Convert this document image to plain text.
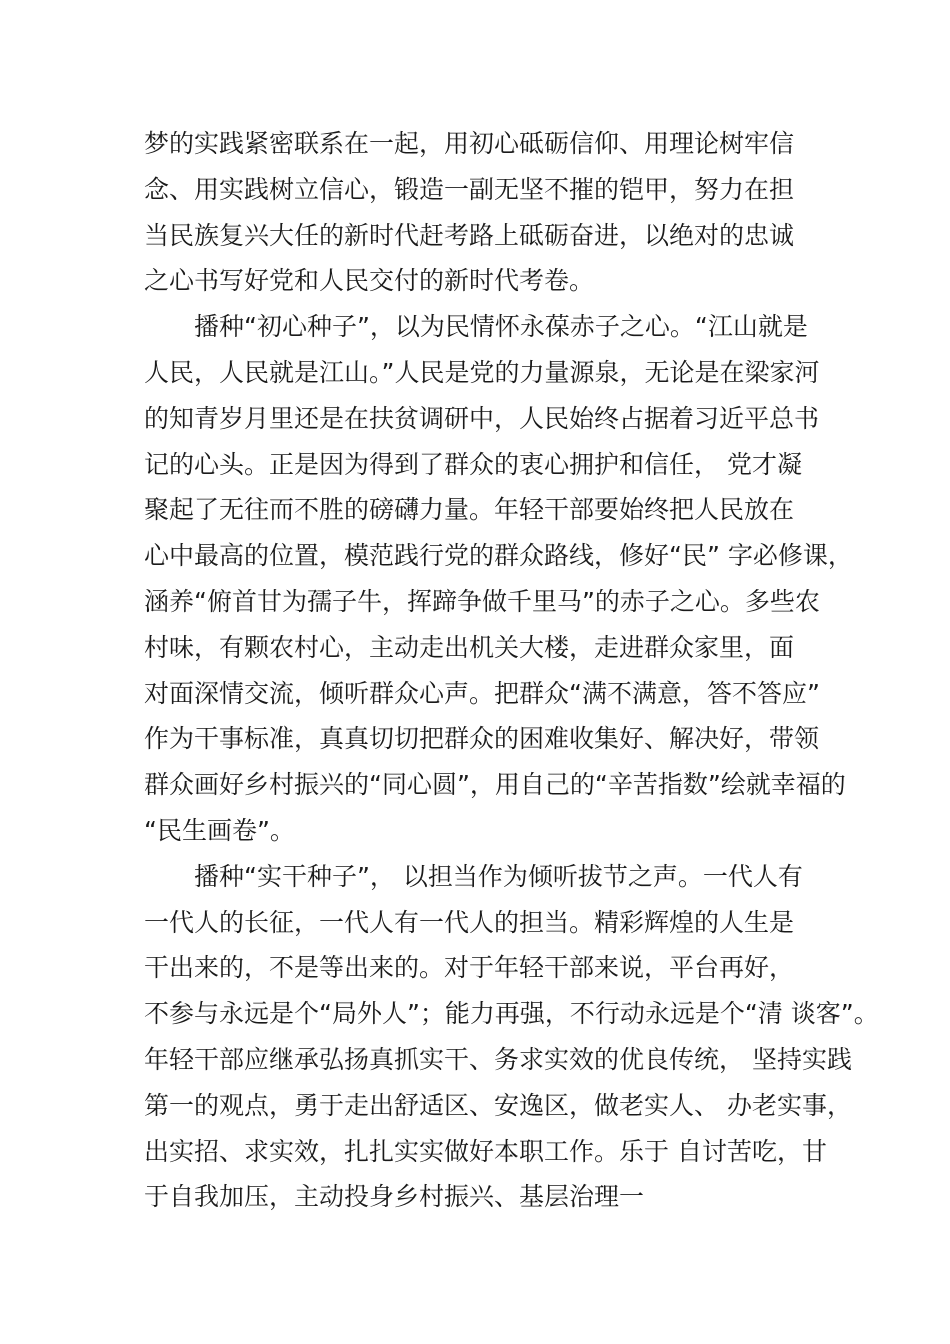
梦的实践紧密联系在一起，用初心砥砺信仰、用理论树牢信
念、用实践树立信心，锻造一副无坚不摧的铠甲，努力在担
当民族复兴大任的新时代赶考路上砥砺奋进，以绝对的忠诚
之心书写好党和人民交付的新时代考卷。
播种“初心种子”，以为民情怀永葆赤子之心。“江山就是
人民，人民就是江山。”人民是党的力量源泉，无论是在梁家河
的知青岁月里还是在扶贫调研中，人民始终占据着习近平总书
记的心头。正是因为得到了群众的衷心拥护和信任， 党才凝
聚起了无往而不胜的磅礴力量。年轻干部要始终把人民放在
心中最高的位置，模范践行党的群众路线，修好“民” 字必修课，
涵养“俯首甘为孺子牛，挥蹄争做千里马”的赤子之心。多些农
村味，有颗农村心，主动走出机关大楼，走进群众家里，面
对面深情交流，倾听群众心声。把群众“满不满意，答不答应”
作为干事标准，真真切切把群众的困难收集好、解决好，带领
群众画好乡村振兴的“同心圆”，用自己的“辛苦指数”绘就幸福的
“民生画卷”。
播种“实干种子”， 以担当作为倾听拔节之声。一代人有
一代人的长征，一代人有一代人的担当。精彩辉煌的人生是
干出来的，不是等出来的。对于年轻干部来说，平台再好，
不参与永远是个“局外人”；能力再强，不行动永远是个“清 谈客”。
年轻干部应继承弘扬真抓实干、务求实效的优良传统， 坚持实践
第一的观点，勇于走出舒适区、安逸区，做老实人、 办老实事，
出实招、求实效，扎扎实实做好本职工作。乐于 自讨苦吃，甘
于自我加压，主动投身乡村振兴、基层治理一
